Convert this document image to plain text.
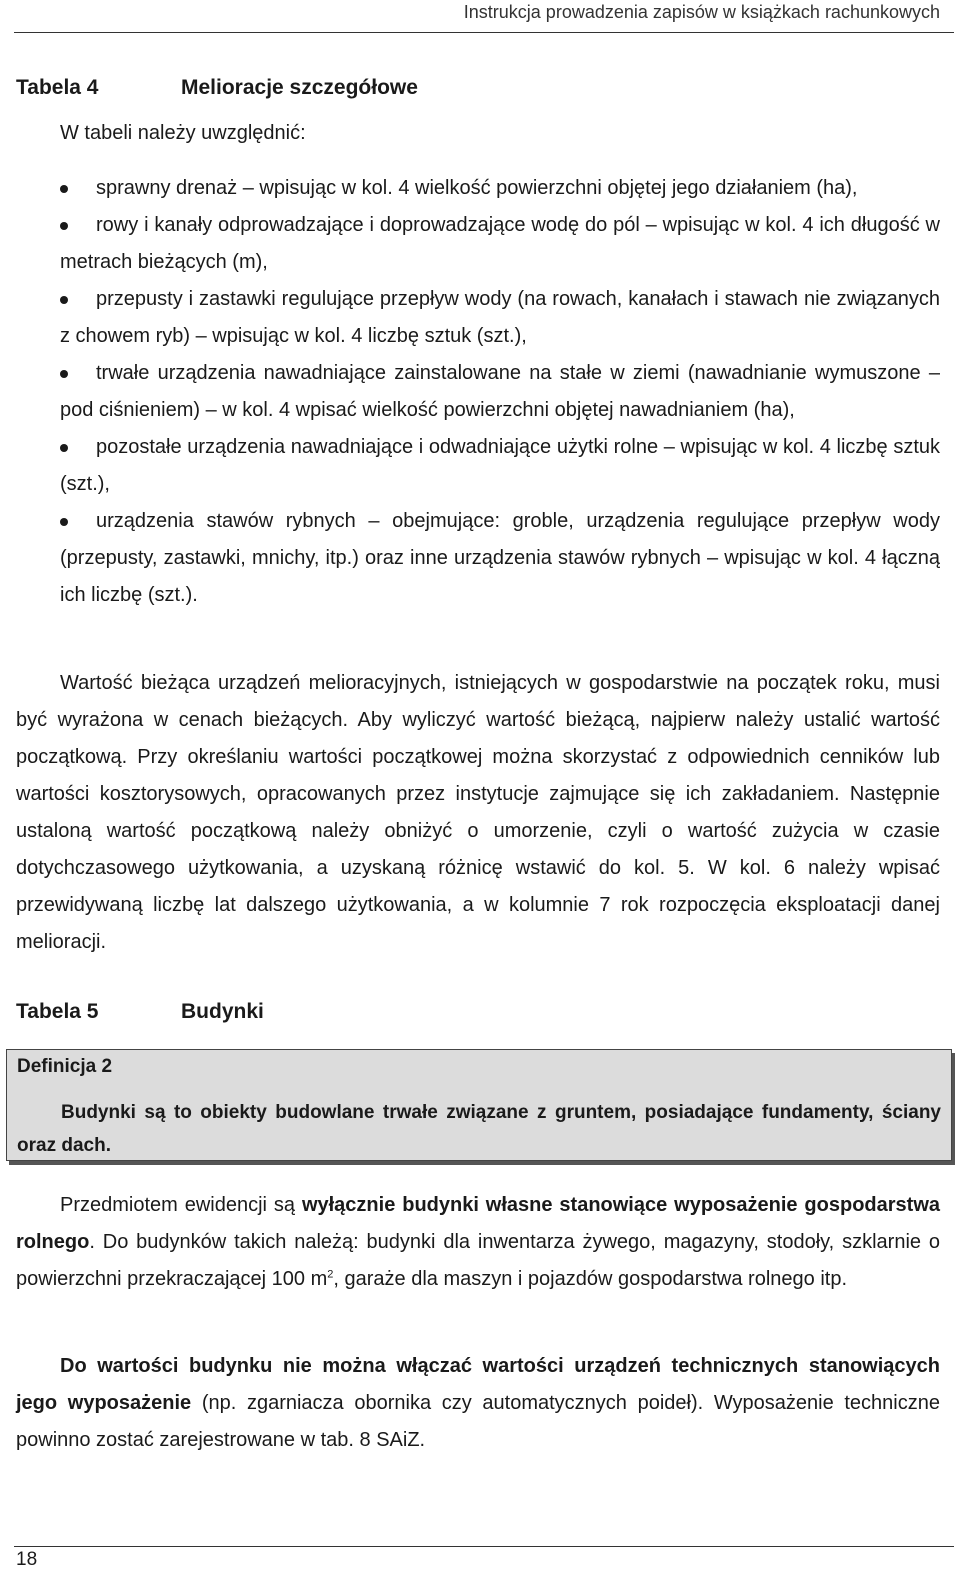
Instrukcja prowadzenia zapisów w książkach rachunkowych
Tabela 4	Melioracje szczegółowe
W tabeli należy uwzględnić:
sprawny drenaż – wpisując w kol. 4 wielkość powierzchni objętej jego działaniem (ha),
rowy i kanały odprowadzające i doprowadzające wodę do pól – wpisując w kol. 4 ich długość w metrach bieżących (m),
przepusty i zastawki regulujące przepływ wody (na rowach, kanałach i stawach nie związanych z chowem ryb) – wpisując w kol. 4 liczbę sztuk (szt.),
trwałe urządzenia nawadniające zainstalowane na stałe w ziemi (nawadnianie wymuszone – pod ciśnieniem) – w kol. 4 wpisać wielkość powierzchni objętej nawadnianiem (ha),
pozostałe urządzenia nawadniające i odwadniające użytki rolne – wpisując w kol. 4 liczbę sztuk (szt.),
urządzenia stawów rybnych – obejmujące: groble, urządzenia regulujące przepływ wody (przepusty, zastawki, mnichy, itp.) oraz inne urządzenia stawów rybnych – wpisując w kol. 4 łączną ich liczbę (szt.).
Wartość bieżąca urządzeń melioracyjnych, istniejących w gospodarstwie na początek roku, musi być wyrażona w cenach bieżących. Aby wyliczyć wartość bieżącą, najpierw należy ustalić wartość początkową. Przy określaniu wartości początkowej można skorzystać z odpowiednich cenników lub wartości kosztorysowych, opracowanych przez instytucje zajmujące się ich zakładaniem. Następnie ustaloną wartość początkową należy obniżyć o umorzenie, czyli o wartość zużycia w czasie dotychczasowego użytkowania, a uzyskaną różnicę wstawić do kol. 5. W kol. 6 należy wpisać przewidywaną liczbę lat dalszego użytkowania, a w kolumnie 7 rok rozpoczęcia eksploatacji danej melioracji.
Tabela 5	Budynki
Definicja 2
Budynki są to obiekty budowlane trwałe związane z gruntem, posiadające fundamenty, ściany oraz dach.
Przedmiotem ewidencji są wyłącznie budynki własne stanowiące wyposażenie gospodarstwa rolnego. Do budynków takich należą: budynki dla inwentarza żywego, magazyny, stodoły, szklarnie o powierzchni przekraczającej 100 $m^2$, garaże dla maszyn i pojazdów gospodarstwa rolnego itp.
Do wartości budynku nie można włączać wartości urządzeń technicznych stanowiących jego wyposażenie (np. zgarniacza obornika czy automatycznych poideł). Wyposażenie techniczne powinno zostać zarejestrowane w tab. 8 SAiZ.
18
